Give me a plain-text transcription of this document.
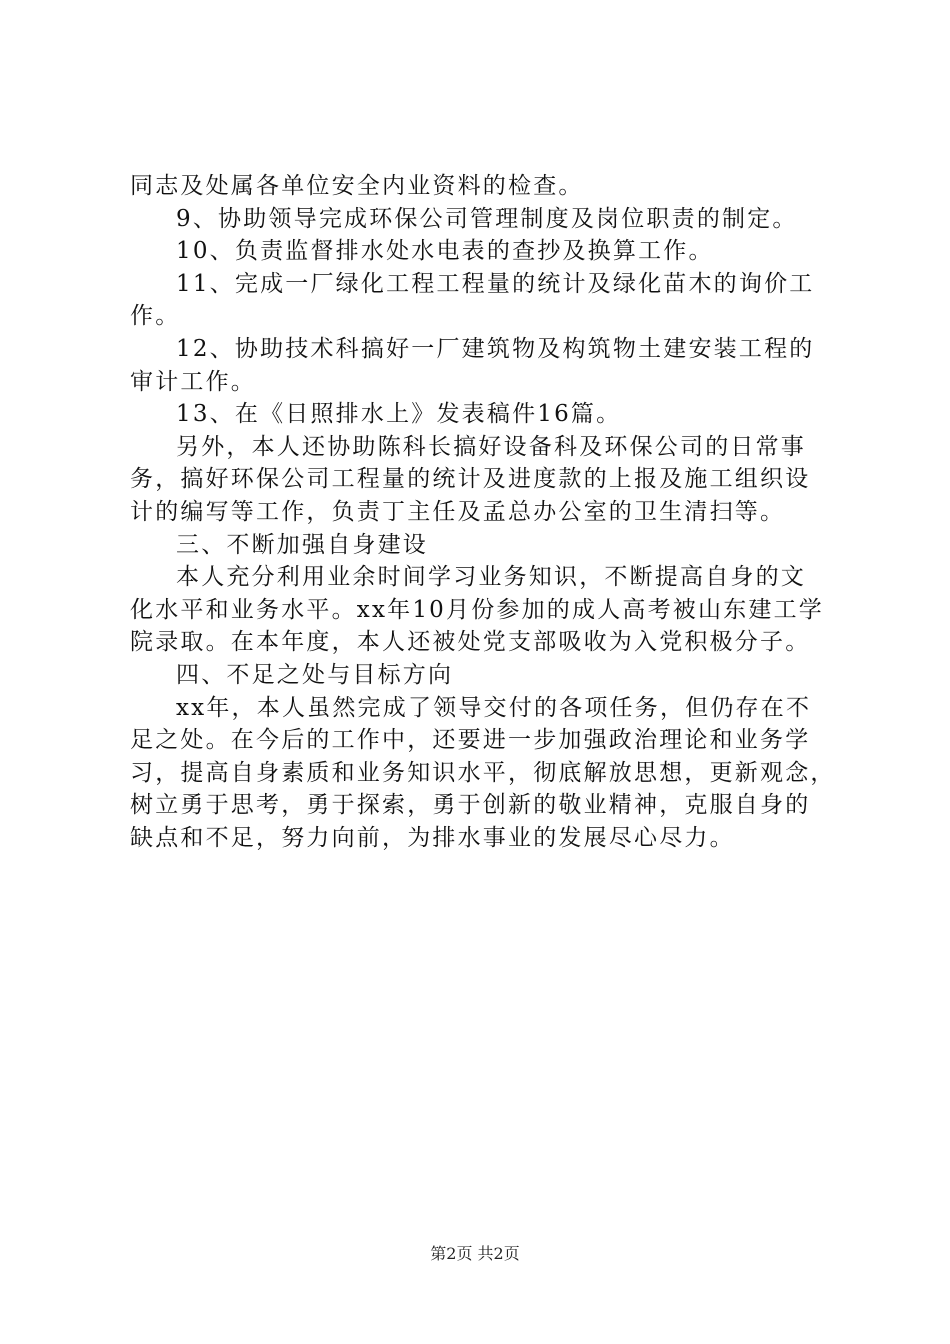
同志及处属各单位安全内业资料的检查。
9、协助领导完成环保公司管理制度及岗位职责的制定。
10、负责监督排水处水电表的查抄及换算工作。
11、完成一厂绿化工程工程量的统计及绿化苗木的询价工
作。
12、协助技术科搞好一厂建筑物及构筑物土建安装工程的
审计工作。
13、在《日照排水上》发表稿件16篇。
另外，本人还协助陈科长搞好设备科及环保公司的日常事
务，搞好环保公司工程量的统计及进度款的上报及施工组织设
计的编写等工作，负责丁主任及孟总办公室的卫生清扫等。
三、不断加强自身建设
本人充分利用业余时间学习业务知识，不断提高自身的文
化水平和业务水平。xx年10月份参加的成人高考被山东建工学
院录取。在本年度，本人还被处党支部吸收为入党积极分子。
四、不足之处与目标方向
xx年，本人虽然完成了领导交付的各项任务，但仍存在不
足之处。在今后的工作中，还要进一步加强政治理论和业务学
习，提高自身素质和业务知识水平，彻底解放思想，更新观念，
树立勇于思考，勇于探索，勇于创新的敬业精神，克服自身的
缺点和不足，努力向前，为排水事业的发展尽心尽力。
第2页 共2页
